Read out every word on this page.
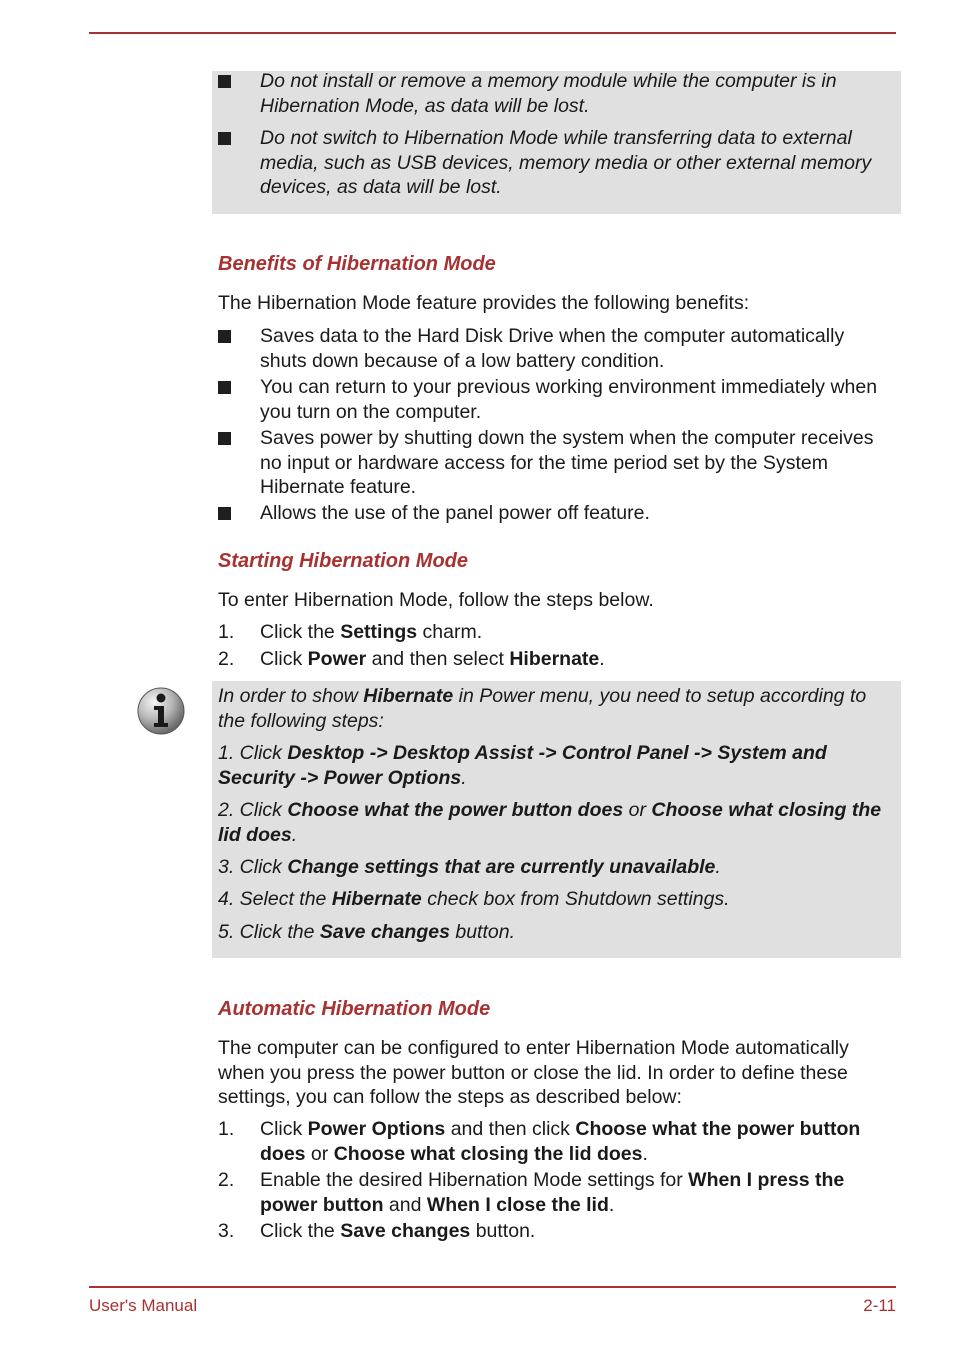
Do not install or remove a memory module while the computer is in Hibernation Mode, as data will be lost.
Do not switch to Hibernation Mode while transferring data to external media, such as USB devices, memory media or other external memory devices, as data will be lost.
Benefits of Hibernation Mode
The Hibernation Mode feature provides the following benefits:
Saves data to the Hard Disk Drive when the computer automatically shuts down because of a low battery condition.
You can return to your previous working environment immediately when you turn on the computer.
Saves power by shutting down the system when the computer receives no input or hardware access for the time period set by the System Hibernate feature.
Allows the use of the panel power off feature.
Starting Hibernation Mode
To enter Hibernation Mode, follow the steps below.
1. Click the Settings charm.
2. Click Power and then select Hibernate.
In order to show Hibernate in Power menu, you need to setup according to the following steps:
1. Click Desktop -> Desktop Assist -> Control Panel -> System and Security -> Power Options.
2. Click Choose what the power button does or Choose what closing the lid does.
3. Click Change settings that are currently unavailable.
4. Select the Hibernate check box from Shutdown settings.
5. Click the Save changes button.
Automatic Hibernation Mode
The computer can be configured to enter Hibernation Mode automatically when you press the power button or close the lid. In order to define these settings, you can follow the steps as described below:
1. Click Power Options and then click Choose what the power button does or Choose what closing the lid does.
2. Enable the desired Hibernation Mode settings for When I press the power button and When I close the lid.
3. Click the Save changes button.
User's Manual	2-11
